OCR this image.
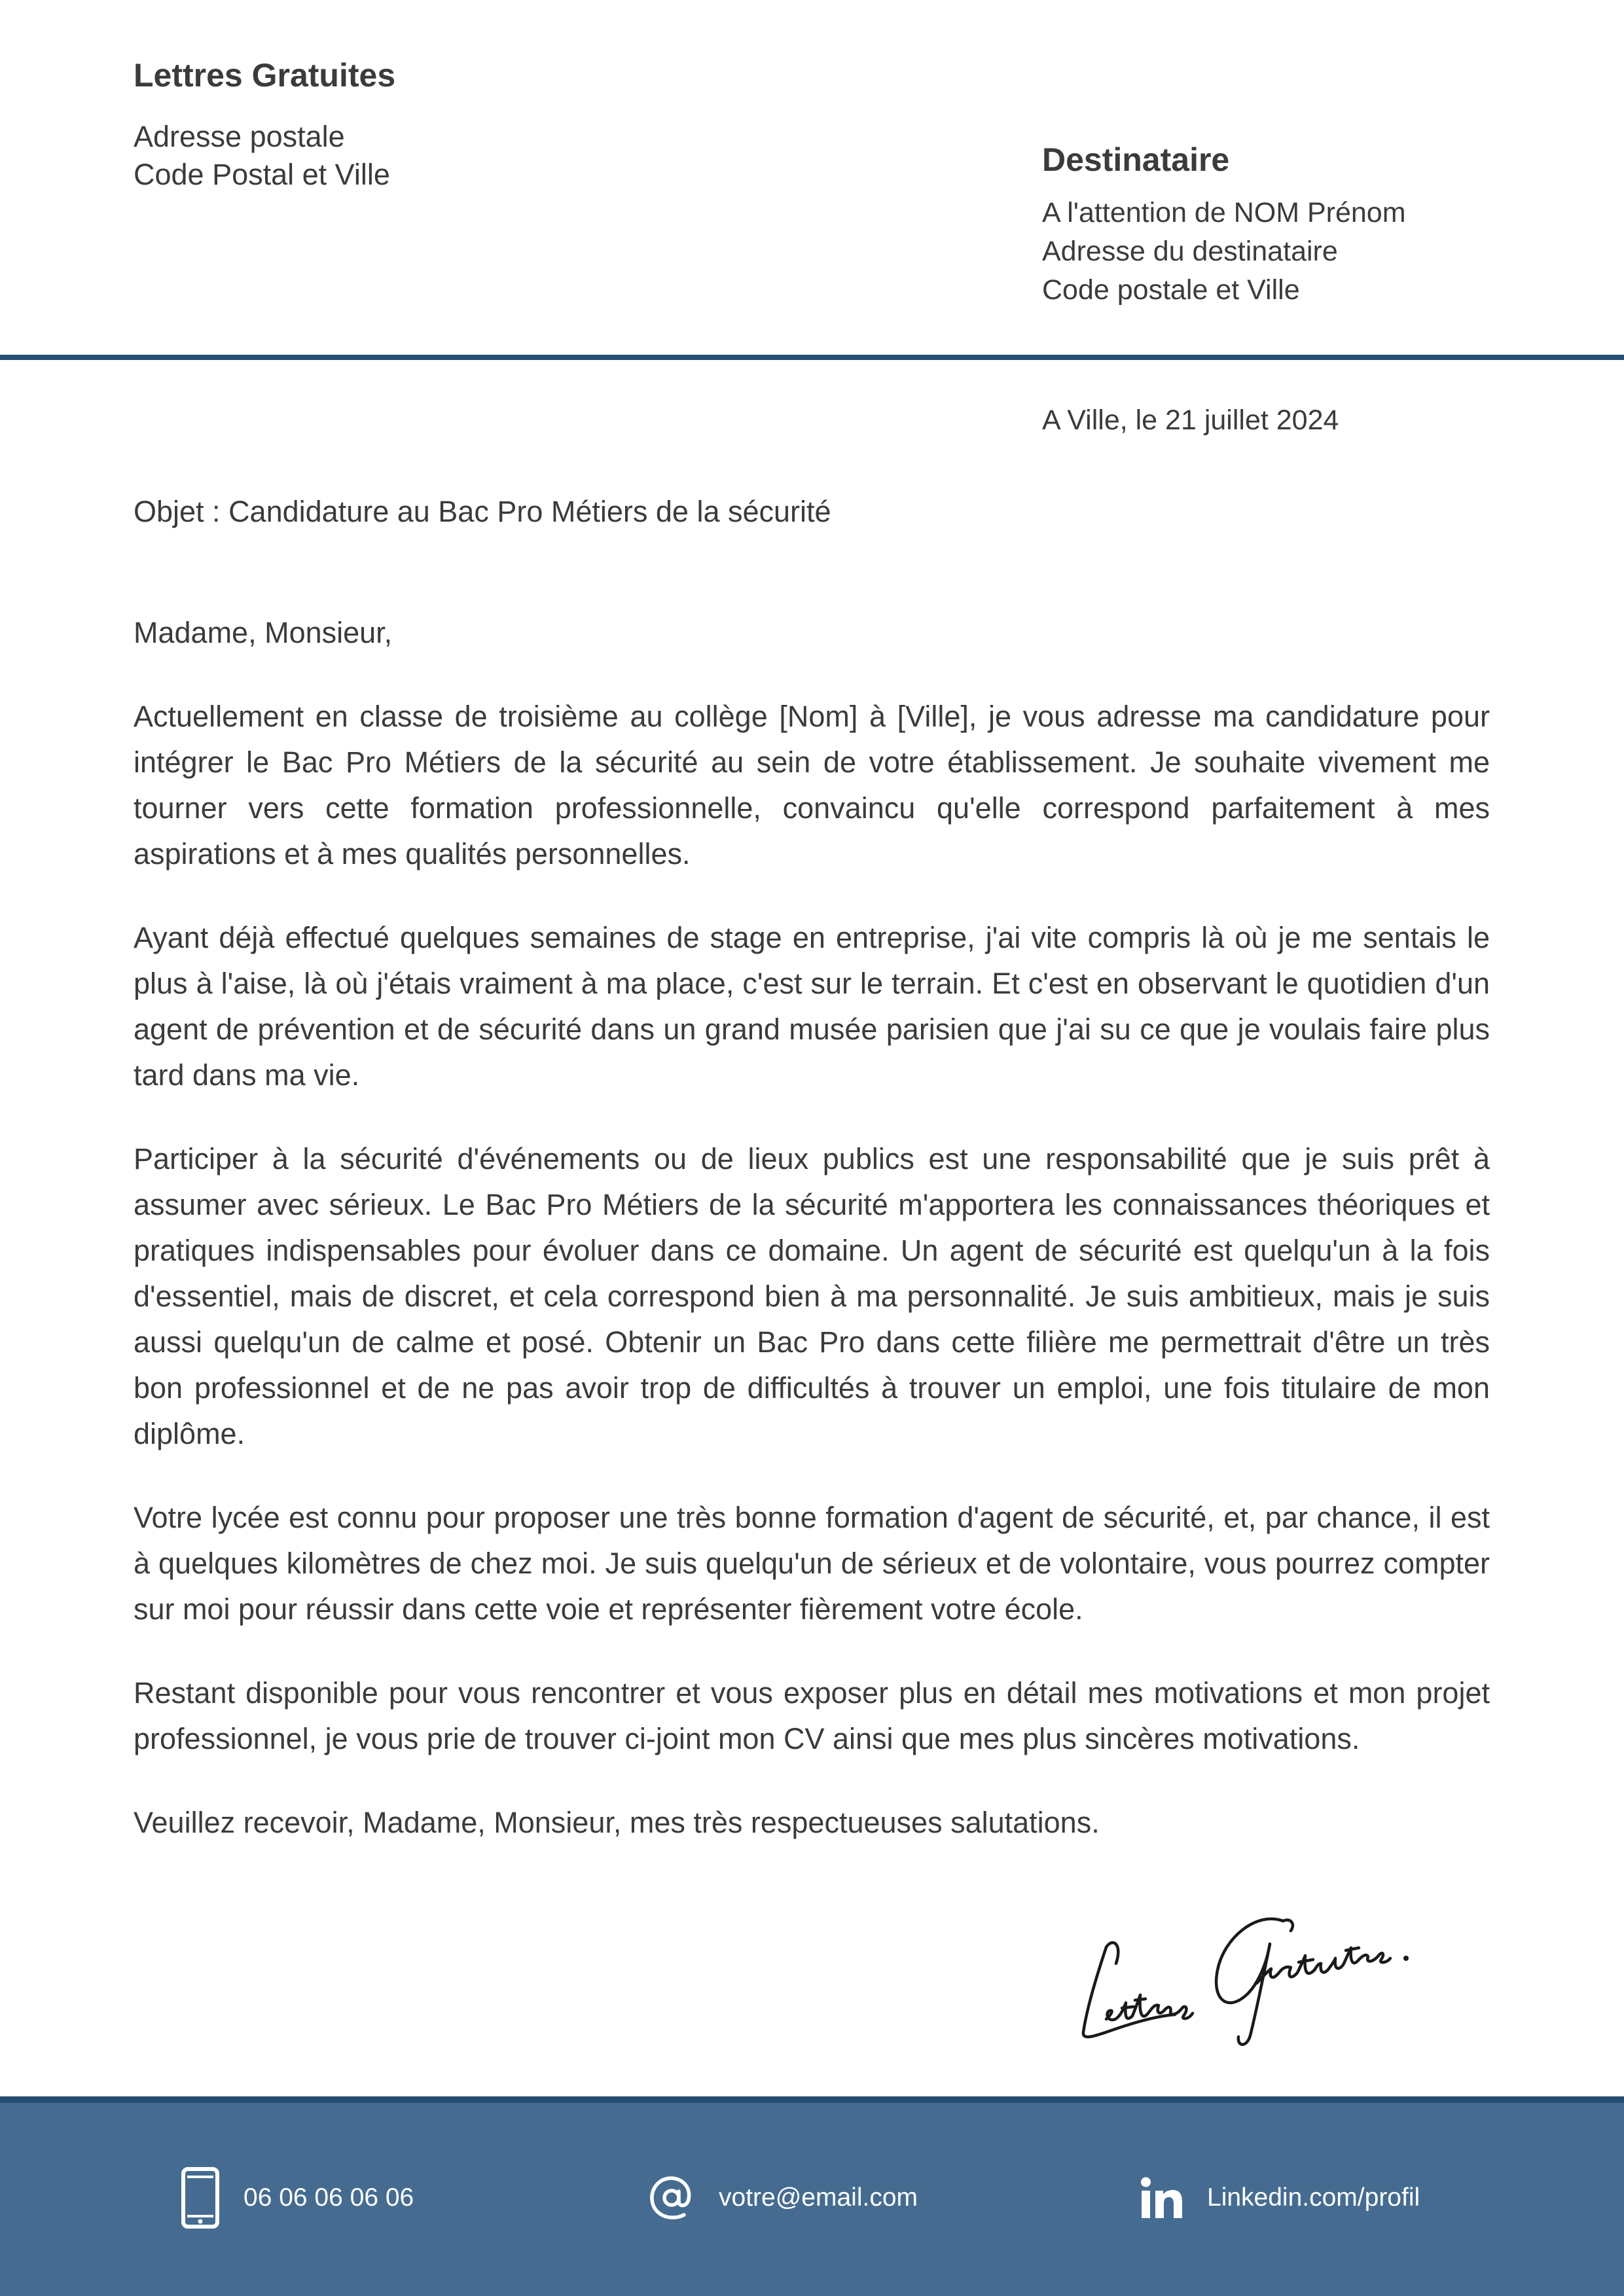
Lettres Gratuites
Adresse postale
Code Postal et Ville	Destinataire
A l'attention de NOM Prénom
Adresse du destinataire
Code postale et Ville
A Ville, le 21 juillet 2024
Objet : Candidature au Bac Pro Métiers de la sécurité

Madame, Monsieur,

Actuellement en classe de troisième au collège [Nom] à [Ville], je vous adresse ma candidature pour intégrer le Bac Pro Métiers de la sécurité au sein de votre établissement. Je souhaite vivement me tourner vers cette formation professionnelle, convaincu qu'elle correspond parfaitement à mes aspirations et à mes qualités personnelles.

Ayant déjà effectué quelques semaines de stage en entreprise, j'ai vite compris là où je me sentais le plus à l'aise, là où j'étais vraiment à ma place, c'est sur le terrain. Et c'est en observant le quotidien d'un agent de prévention et de sécurité dans un grand musée parisien que j'ai su ce que je voulais faire plus tard dans ma vie.

Participer à la sécurité d'événements ou de lieux publics est une responsabilité que je suis prêt à assumer avec sérieux. Le Bac Pro Métiers de la sécurité m'apportera les connaissances théoriques et pratiques indispensables pour évoluer dans ce domaine. Un agent de sécurité est quelqu'un à la fois d'essentiel, mais de discret, et cela correspond bien à ma personnalité. Je suis ambitieux, mais je suis aussi quelqu'un de calme et posé. Obtenir un Bac Pro dans cette filière me permettrait d'être un très bon professionnel et de ne pas avoir trop de difficultés à trouver un emploi, une fois titulaire de mon diplôme.

Votre lycée est connu pour proposer une très bonne formation d'agent de sécurité, et, par chance, il est à quelques kilomètres de chez moi. Je suis quelqu'un de sérieux et de volontaire, vous pourrez compter sur moi pour réussir dans cette voie et représenter fièrement votre école.

Restant disponible pour vous rencontrer et vous exposer plus en détail mes motivations et mon projet professionnel, je vous prie de trouver ci-joint mon CV ainsi que mes plus sincères motivations.

Veuillez recevoir, Madame, Monsieur, mes très respectueuses salutations.

06 06 06 06 06	votre@email.com	Linkedin.com/profil
